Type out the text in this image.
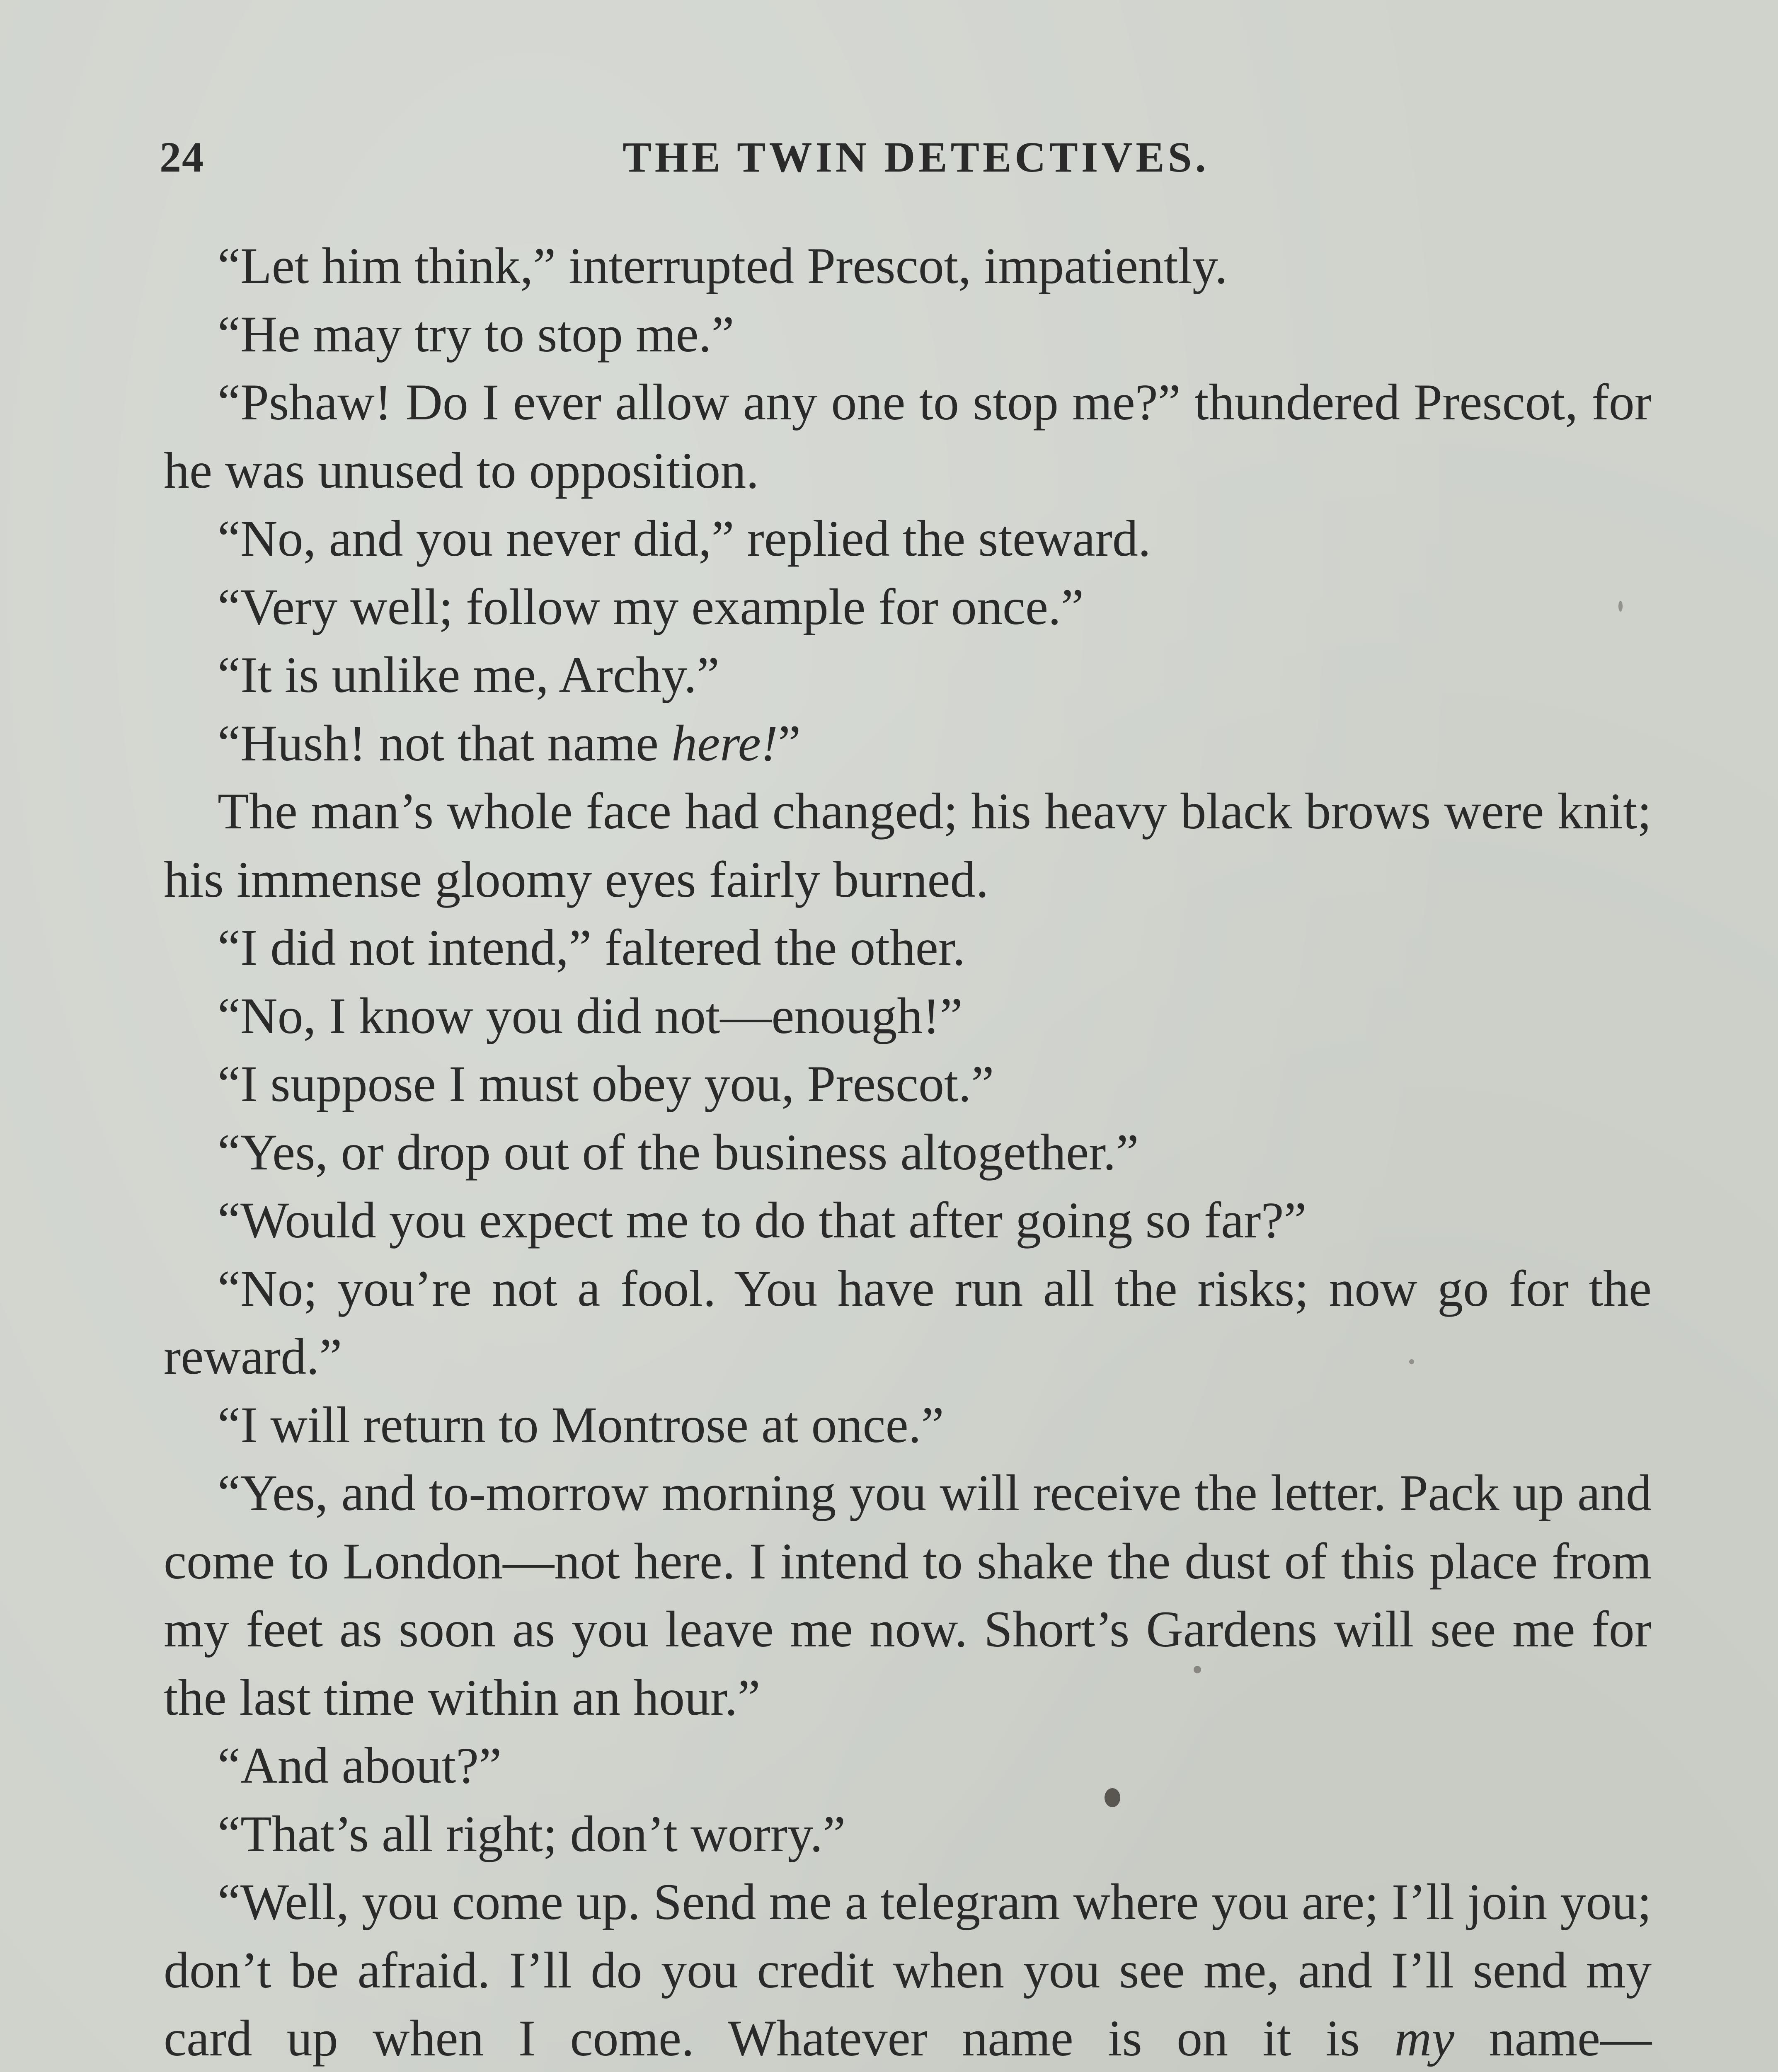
24	THE TWIN DETECTIVES.

“Let him think,” interrupted Prescot, impatiently.

“He may try to stop me.”

“Pshaw! Do I ever allow any one to stop me?” thundered Prescot, for he was unused to opposition.

“No, and you never did,” replied the steward.

“Very well; follow my example for once.”

“It is unlike me, Archy.”

“Hush! not that name here!”

The man’s whole face had changed; his heavy black brows were knit; his immense gloomy eyes fairly burned.

“I did not intend,” faltered the other.

“No, I know you did not—enough!”

“I suppose I must obey you, Prescot.”

“Yes, or drop out of the business altogether.”

“Would you expect me to do that after going so far?”

“No; you’re not a fool. You have run all the risks; now go for the reward.”

“I will return to Montrose at once.”

“Yes, and to-morrow morning you will receive the letter. Pack up and come to London—not here. I intend to shake the dust of this place from my feet as soon as you leave me now. Short’s Gardens will see me for the last time within an hour.”

“And about?”

“That’s all right; don’t worry.”

“Well, you come up. Send me a telegram where you are; I’ll join you; don’t be afraid. I’ll do you credit when you see me, and I’ll send my card up when I come. Whatever name is on it is my name—
